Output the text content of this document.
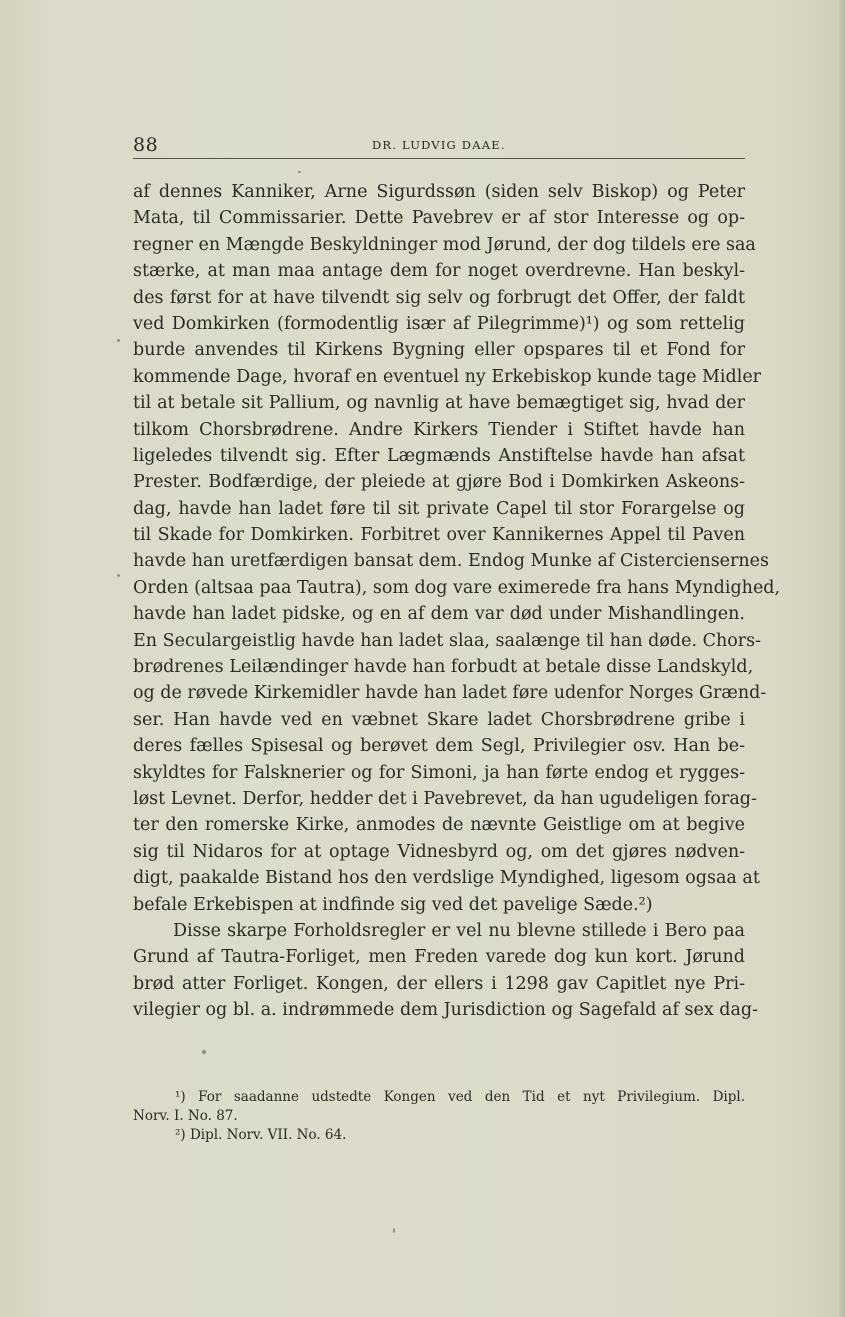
88	DR. LUDVIG DAAE.
af dennes Kanniker, Arne Sigurdssøn (siden selv Biskop) og Peter
Mata, til Commissarier. Dette Pavebrev er af stor Interesse og op-
regner en Mængde Beskyldninger mod Jørund, der dog tildels ere saa
stærke, at man maa antage dem for noget overdrevne. Han beskyl-
des først for at have tilvendt sig selv og forbrugt det Offer, der faldt
ved Domkirken (formodentlig især af Pilegrimme)¹) og som rettelig
burde anvendes til Kirkens Bygning eller opspares til et Fond for
kommende Dage, hvoraf en eventuel ny Erkebiskop kunde tage Midler
til at betale sit Pallium, og navnlig at have bemægtiget sig, hvad der
tilkom Chorsbrødrene. Andre Kirkers Tiender i Stiftet havde han
ligeledes tilvendt sig. Efter Lægmænds Anstiftelse havde han afsat
Prester. Bodfærdige, der pleiede at gjøre Bod i Domkirken Askeons-
dag, havde han ladet føre til sit private Capel til stor Forargelse og
til Skade for Domkirken. Forbitret over Kannikernes Appel til Paven
havde han uretfærdigen bansat dem. Endog Munke af Cisterciensernes
Orden (altsaa paa Tautra), som dog vare eximerede fra hans Myndighed,
havde han ladet pidske, og en af dem var død under Mishandlingen.
En Seculargeistlig havde han ladet slaa, saalænge til han døde. Chors-
brødrenes Leilændinger havde han forbudt at betale disse Landskyld,
og de røvede Kirkemidler havde han ladet føre udenfor Norges Grænd-
ser. Han havde ved en væbnet Skare ladet Chorsbrødrene gribe i
deres fælles Spisesal og berøvet dem Segl, Privilegier osv. Han be-
skyldtes for Falsknerier og for Simoni, ja han førte endog et rygges-
løst Levnet. Derfor, hedder det i Pavebrevet, da han ugudeligen forag-
ter den romerske Kirke, anmodes de nævnte Geistlige om at begive
sig til Nidaros for at optage Vidnesbyrd og, om det gjøres nødven-
digt, paakalde Bistand hos den verdslige Myndighed, ligesom ogsaa at
befale Erkebispen at indfinde sig ved det pavelige Sæde.²)
Disse skarpe Forholdsregler er vel nu blevne stillede i Bero paa
Grund af Tautra-Forliget, men Freden varede dog kun kort. Jørund
brød atter Forliget. Kongen, der ellers i 1298 gav Capitlet nye Pri-
vilegier og bl. a. indrømmede dem Jurisdiction og Sagefald af sex dag-
¹) For saadanne udstedte Kongen ved den Tid et nyt Privilegium. Dipl.
Norv. I. No. 87.
²) Dipl. Norv. VII. No. 64.
